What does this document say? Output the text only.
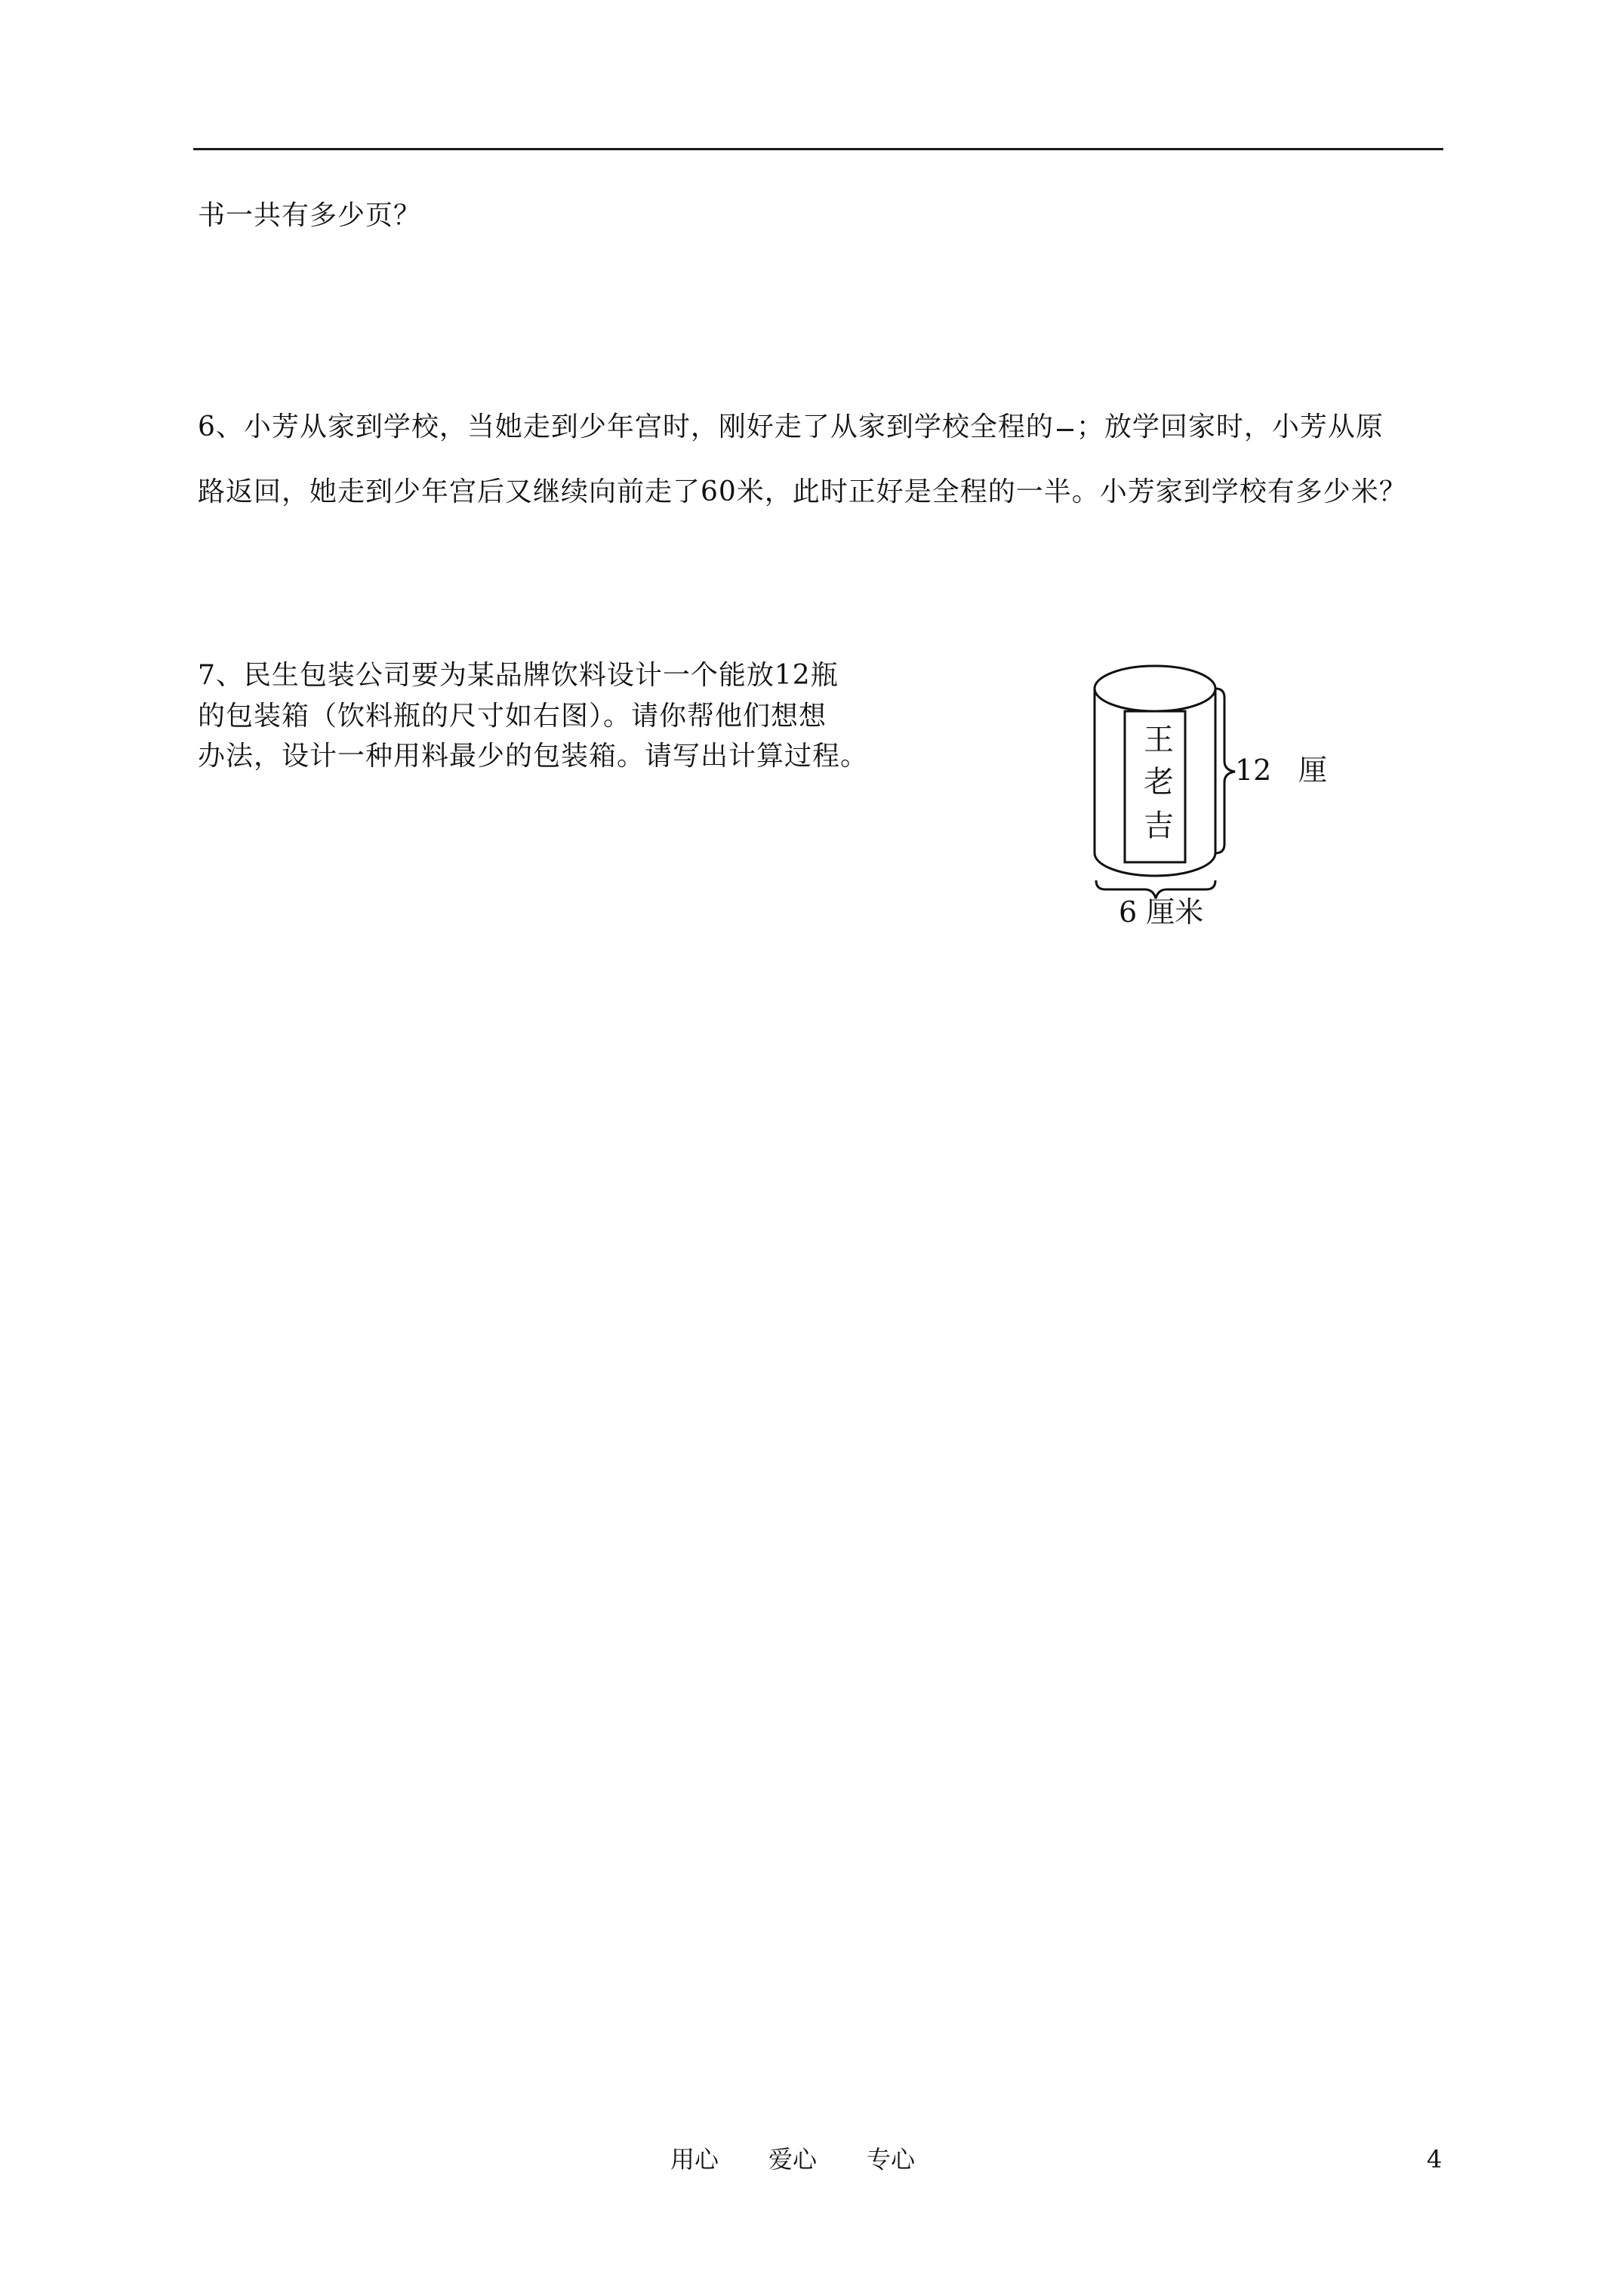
书一共有多少页？
6、小芳从家到学校，当她走到少年宫时，刚好走了从家到学校全程的 ；放学回家时，小芳从原
路返回，她走到少年宫后又继续向前走了60米，此时正好是全程的一半。小芳家到学校有多少米？
7、民生包装公司要为某品牌饮料设计一个能放12瓶
的包装箱（饮料瓶的尺寸如右图）。请你帮他们想想
办法，设计一种用料最少的包装箱。请写出计算过程。	王
老
吉
12 厘
6 厘米
用心 爱心 专心	4
